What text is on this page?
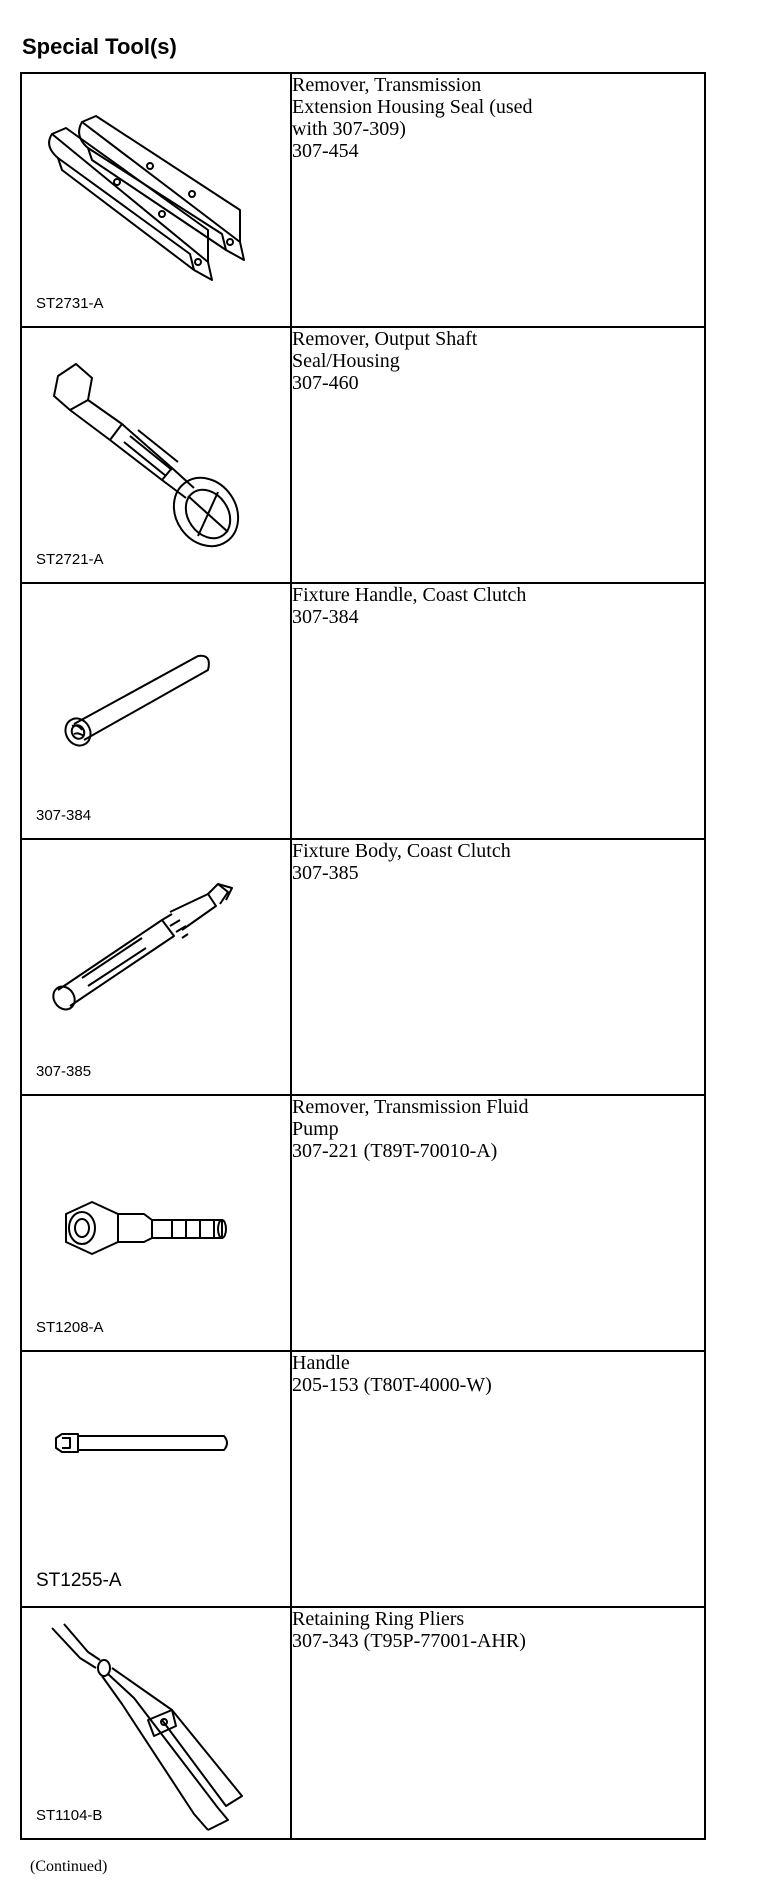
Special Tool(s)
ST2731-A	Remover, Transmission
Extension Housing Seal (used
with 307-309)
307-454

ST2721-A	Remover, Output Shaft
Seal/Housing
307-460

307-384	Fixture Handle, Coast Clutch
307-384

307-385	Fixture Body, Coast Clutch
307-385

ST1208-A	Remover, Transmission Fluid
Pump
307-221 (T89T-70010-A)

ST1255-A	Handle
205-153 (T80T-4000-W)

ST1104-B	Retaining Ring Pliers
307-343 (T95P-77001-AHR)
(Continued)
